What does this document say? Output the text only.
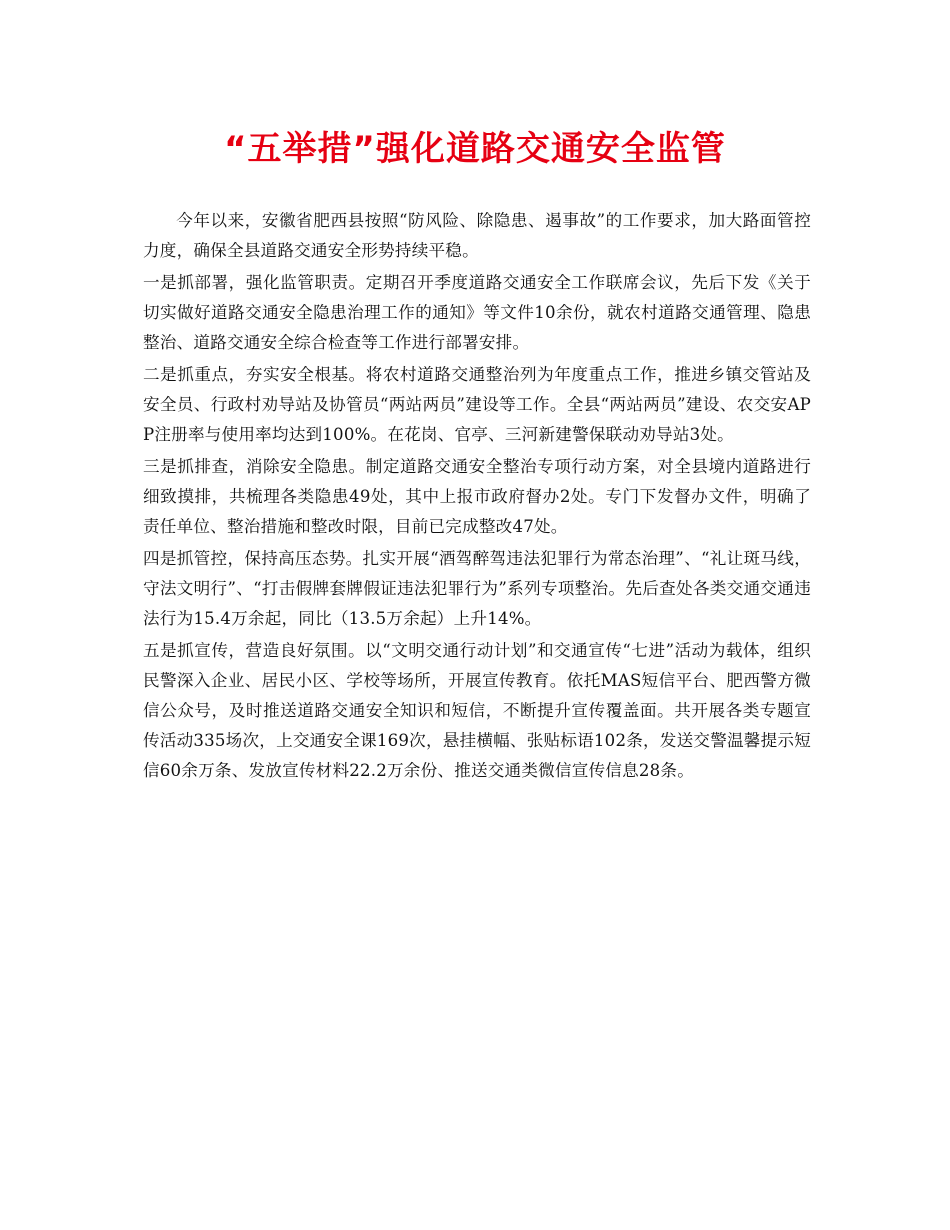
“五举措”强化道路交通安全监管

今年以来，安徽省肥西县按照“防风险、除隐患、遏事故”的工作要求，加大路面管控力度，确保全县道路交通安全形势持续平稳。

一是抓部署，强化监管职责。定期召开季度道路交通安全工作联席会议，先后下发《关于切实做好道路交通安全隐患治理工作的通知》等文件10余份，就农村道路交通管理、隐患整治、道路交通安全综合检查等工作进行部署安排。

二是抓重点，夯实安全根基。将农村道路交通整治列为年度重点工作，推进乡镇交管站及安全员、行政村劝导站及协管员“两站两员”建设等工作。全县“两站两员”建设、农交安APP注册率与使用率均达到100%。在花岗、官亭、三河新建警保联动劝导站3处。

三是抓排查，消除安全隐患。制定道路交通安全整治专项行动方案，对全县境内道路进行细致摸排，共梳理各类隐患49处，其中上报市政府督办2处。专门下发督办文件，明确了责任单位、整治措施和整改时限，目前已完成整改47处。

四是抓管控，保持高压态势。扎实开展“酒驾醉驾违法犯罪行为常态治理”、“礼让斑马线，守法文明行”、“打击假牌套牌假证违法犯罪行为”系列专项整治。先后查处各类交通交通违法行为15.4万余起，同比（13.5万余起）上升14%。

五是抓宣传，营造良好氛围。以“文明交通行动计划”和交通宣传“七进”活动为载体，组织民警深入企业、居民小区、学校等场所，开展宣传教育。依托MAS短信平台、肥西警方微信公众号，及时推送道路交通安全知识和短信，不断提升宣传覆盖面。共开展各类专题宣传活动335场次，上交通安全课169次，悬挂横幅、张贴标语102条，发送交警温馨提示短信60余万条、发放宣传材料22.2万余份、推送交通类微信宣传信息28条。
